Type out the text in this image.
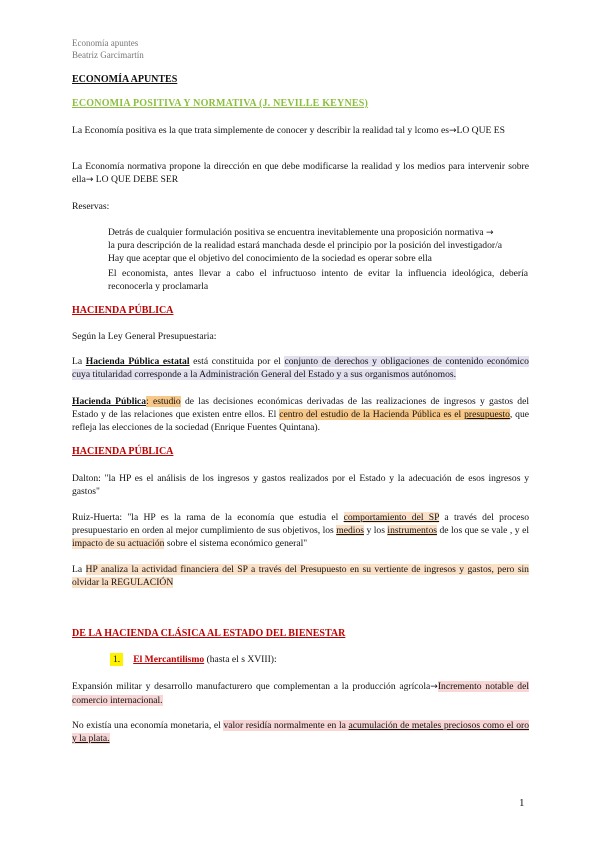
Economía apuntes
Beatriz Garcimartín
ECONOMÍA APUNTES
ECONOMIA POSITIVA Y NORMATIVA (J. NEVILLE KEYNES)
La Economía positiva es la que trata simplemente de conocer y describir la realidad tal y lcomo es→LO QUE ES
La Economía normativa propone la dirección en que debe modificarse la realidad y los medios para intervenir sobre ella→ LO QUE DEBE SER
Reservas:
Detrás de cualquier formulación positiva se encuentra inevitablemente una proposición normativa →
la pura descripción de la realidad estará manchada desde el principio por la posición del investigador/a
Hay que aceptar que el objetivo del conocimiento de la sociedad es operar sobre ella
El economista, antes llevar a cabo el infructuoso intento de evitar la influencia ideológica, debería reconocerla y proclamarla
HACIENDA PÚBLICA
Según la Ley General Presupuestaria:
La Hacienda Pública estatal está constituida por el conjunto de derechos y obligaciones de contenido económico cuya titularidad corresponde a la Administración General del Estado y a sus organismos autónomos.
Hacienda Pública: estudio de las decisiones económicas derivadas de las realizaciones de ingresos y gastos del Estado y de las relaciones que existen entre ellos. El centro del estudio de la Hacienda Pública es el presupuesto, que refleja las elecciones de la sociedad (Enrique Fuentes Quintana).
HACIENDA PÚBLICA
Dalton: "la HP es el análisis de los ingresos y gastos realizados por el Estado y la adecuación de esos ingresos y gastos"
Ruiz-Huerta: "la HP es la rama de la economía que estudia el comportamiento del SP a través del proceso presupuestario en orden al mejor cumplimiento de sus objetivos, los medios y los instrumentos de los que se vale , y el impacto de su actuación sobre el sistema económico general"
La HP analiza la actividad financiera del SP a través del Presupuesto en su vertiente de ingresos y gastos, pero sin olvidar la REGULACIÓN
DE LA HACIENDA CLÁSICA AL ESTADO DEL BIENESTAR
1. El Mercantilismo (hasta el s XVIII):
Expansión militar y desarrollo manufacturero que complementan a la producción agrícola→Incremento notable del comercio internacional.
No existía una economía monetaria, el valor residía normalmente en la acumulación de metales preciosos como el oro y la plata.
1
